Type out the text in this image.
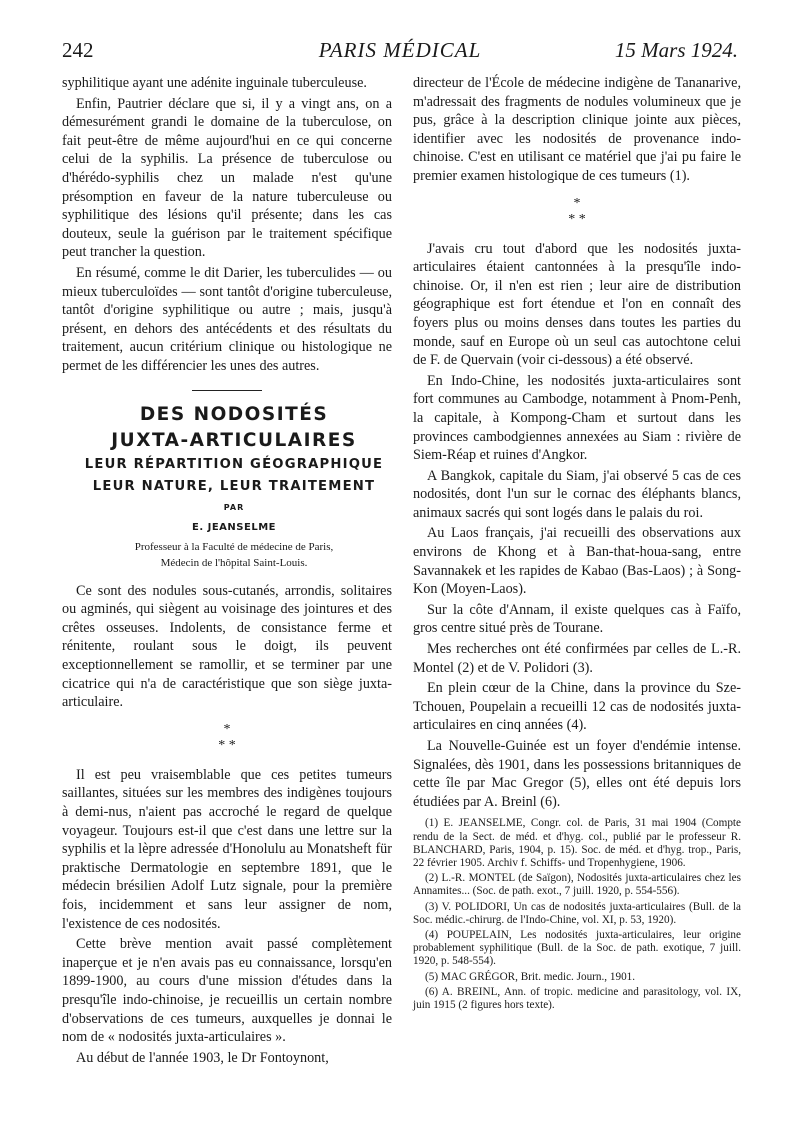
PARIS MÉDICAL
242	15 Mars 1924.

syphilitique ayant une adénite inguinale tuberculeuse.

Enfin, Pautrier déclare que si, il y a vingt ans, on a démesurément grandi le domaine de la tuberculose, on fait peut-être de même aujourd'hui en ce qui concerne celui de la syphilis. La présence de tuberculose ou d'hérédo-syphilis chez un malade n'est qu'une présomption en faveur de la nature tuberculeuse ou syphilitique des lésions qu'il présente; dans les cas douteux, seule la guérison par le traitement spécifique peut trancher la question.

En résumé, comme le dit Darier, les tuberculides — ou mieux tuberculoïdes — sont tantôt d'origine tuberculeuse, tantôt d'origine syphilitique ou autre ; mais, jusqu'à présent, en dehors des antécédents et des résultats du traitement, aucun critérium clinique ou histologique ne permet de les différencier les unes des autres.

DES NODOSITÉS

JUXTA-ARTICULAIRES

LEUR RÉPARTITION GÉOGRAPHIQUE

LEUR NATURE, LEUR TRAITEMENT

PAR

E. JEANSELME

Professeur à la Faculté de médecine de Paris,

Médecin de l'hôpital Saint-Louis.

Ce sont des nodules sous-cutanés, arrondis, solitaires ou agminés, qui siègent au voisinage des jointures et des crêtes osseuses. Indolents, de consistance ferme et rénitente, roulant sous le doigt, ils peuvent exceptionnellement se ramollir, et se terminer par une cicatrice qui n'a de caractéristique que son siège juxta-articulaire.

*
* *

Il est peu vraisemblable que ces petites tumeurs saillantes, situées sur les membres des indigènes toujours à demi-nus, n'aient pas accroché le regard de quelque voyageur. Toujours est-il que c'est dans une lettre sur la syphilis et la lèpre adressée d'Honolulu au Monatsheft für praktische Dermatologie en septembre 1891, que le médecin brésilien Adolf Lutz signale, pour la première fois, incidemment et sans leur assigner de nom, l'existence de ces nodosités.

Cette brève mention avait passé complètement inaperçue et je n'en avais pas eu connaissance, lorsqu'en 1899-1900, au cours d'une mission d'études dans la presqu'île indo-chinoise, je recueillis un certain nombre d'observations de ces tumeurs, auxquelles je donnai le nom de « nodosités juxta-articulaires ».

Au début de l'année 1903, le Dr Fontoynont,

directeur de l'École de médecine indigène de Tananarive, m'adressait des fragments de nodules volumineux que je pus, grâce à la description clinique jointe aux pièces, identifier avec les nodosités de provenance indo-chinoise. C'est en utilisant ce matériel que j'ai pu faire le premier examen histologique de ces tumeurs (1).

*
* *

J'avais cru tout d'abord que les nodosités juxta-articulaires étaient cantonnées à la presqu'île indo-chinoise. Or, il n'en est rien ; leur aire de distribution géographique est fort étendue et l'on en connaît des foyers plus ou moins denses dans toutes les parties du monde, sauf en Europe où un seul cas autochtone celui de F. de Quervain (voir ci-dessous) a été observé.

En Indo-Chine, les nodosités juxta-articulaires sont fort communes au Cambodge, notamment à Pnom-Penh, la capitale, à Kompong-Cham et surtout dans les provinces cambodgiennes annexées au Siam : rivière de Siem-Réap et ruines d'Angkor.

A Bangkok, capitale du Siam, j'ai observé 5 cas de ces nodosités, dont l'un sur le cornac des éléphants blancs, animaux sacrés qui sont logés dans le palais du roi.

Au Laos français, j'ai recueilli des observations aux environs de Khong et à Ban-that-houa-sang, entre Savannakek et les rapides de Kabao (Bas-Laos) ; à Song-Kon (Moyen-Laos).

Sur la côte d'Annam, il existe quelques cas à Faïfo, gros centre situé près de Tourane.

Mes recherches ont été confirmées par celles de L.-R. Montel (2) et de V. Polidori (3).

En plein cœur de la Chine, dans la province du Sze-Tchouen, Poupelain a recueilli 12 cas de nodosités juxta-articulaires en cinq années (4).

La Nouvelle-Guinée est un foyer d'endémie intense. Signalées, dès 1901, dans les possessions britanniques de cette île par Mac Gregor (5), elles ont été depuis lors étudiées par A. Breinl (6).

(1) E. JEANSELME, Congr. col. de Paris, 31 mai 1904 (Compte rendu de la Sect. de méd. et d'hyg. col., publié par le professeur R. BLANCHARD, Paris, 1904, p. 15). Soc. de méd. et d'hyg. trop., Paris, 22 février 1905. Archiv f. Schiffs- und Tropenhygiene, 1906.

(2) L.-R. MONTEL (de Saïgon), Nodosités juxta-articulaires chez les Annamites... (Soc. de path. exot., 7 juill. 1920, p. 554-556).

(3) V. POLIDORI, Un cas de nodosités juxta-articulaires (Bull. de la Soc. médic.-chirurg. de l'Indo-Chine, vol. XI, p. 53, 1920).

(4) POUPELAIN, Les nodosités juxta-articulaires, leur origine probablement syphilitique (Bull. de la Soc. de path. exotique, 7 juill. 1920, p. 548-554).

(5) MAC GRÉGOR, Brit. medic. Journ., 1901.

(6) A. BREINL, Ann. of tropic. medicine and parasitology, vol. IX, juin 1915 (2 figures hors texte).
